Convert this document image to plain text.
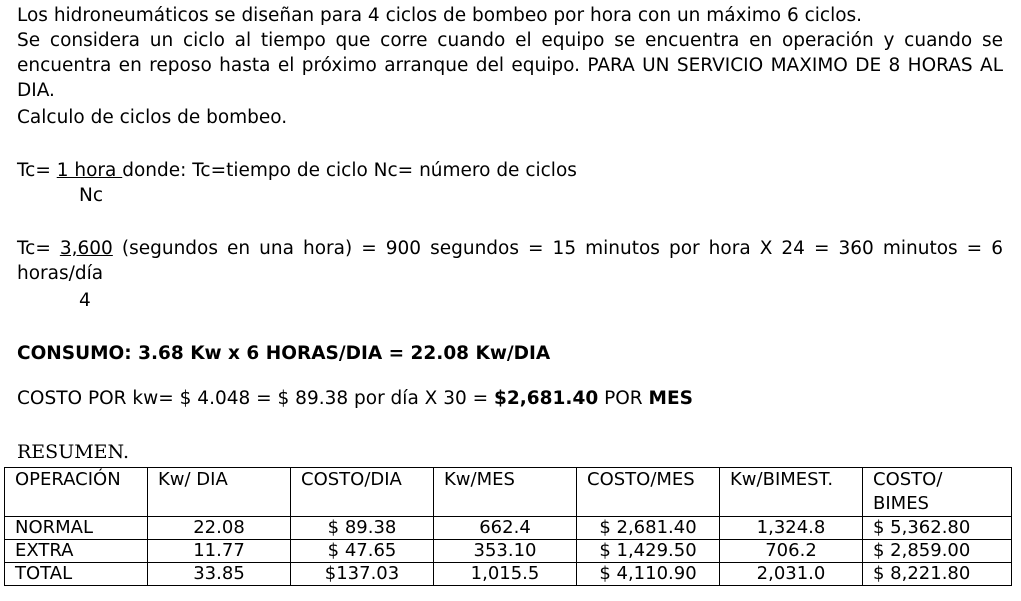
Los hidroneumáticos se diseñan para 4 ciclos de bombeo por hora con un máximo 6 ciclos.

Se considera un ciclo al tiempo que corre cuando el equipo se encuentra en operación y cuando se encuentra en reposo hasta el próximo arranque del equipo. PARA UN SERVICIO MAXIMO DE 8 HORAS AL DIA.

Calculo de ciclos de bombeo.
Tc= 1 hora donde: Tc=tiempo de ciclo Nc= número de ciclos
Nc

Tc= 3,600 (segundos en una hora) = 900 segundos = 15 minutos por hora X 24 = 360 minutos = 6 horas/día

4
CONSUMO: 3.68 Kw x 6 HORAS/DIA = 22.08 Kw/DIA
COSTO POR kw= $ 4.048 = $ 89.38 por día X 30 = $2,681.40 POR MES
RESUMEN.
OPERACIÓN	Kw/ DIA	COSTO/DIA	Kw/MES	COSTO/MES	Kw/BIMEST.	COSTO/ BIMES
NORMAL	22.08	$ 89.38	662.4	$ 2,681.40	1,324.8	$ 5,362.80
EXTRA	11.77	$ 47.65	353.10	$ 1,429.50	706.2	$ 2,859.00
TOTAL	33.85	$137.03	1,015.5	$ 4,110.90	2,031.0	$ 8,221.80
